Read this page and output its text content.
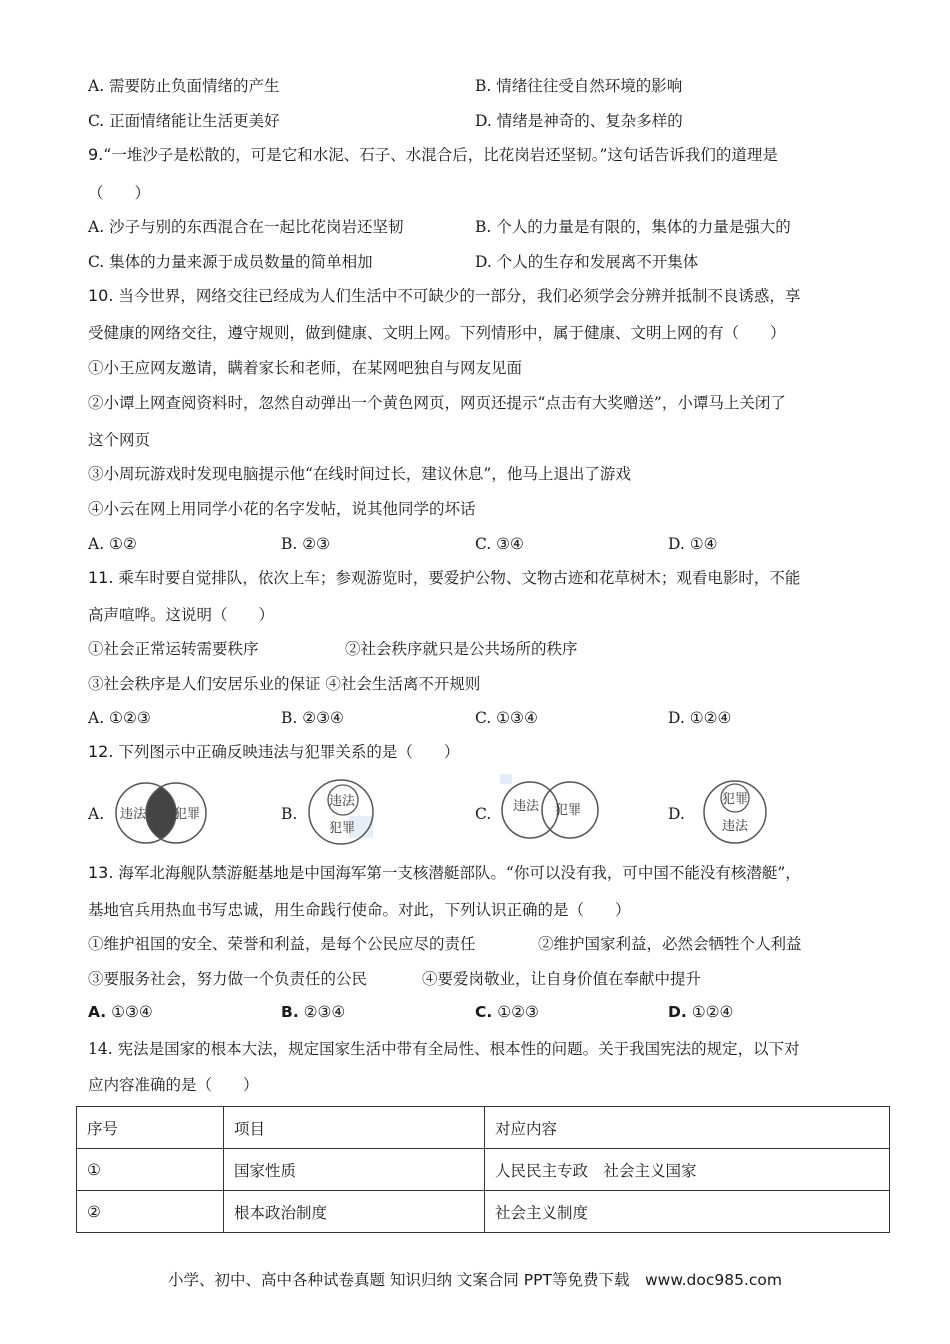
A. 需要防止负面情绪的产生	B. 情绪往往受自然环境的影响
C. 正面情绪能让生活更美好	D. 情绪是神奇的、复杂多样的
9.“一堆沙子是松散的，可是它和水泥、石子、水混合后，比花岗岩还坚韧。”这句话告诉我们的道理是
（　　）
A. 沙子与别的东西混合在一起比花岗岩还坚韧	B. 个人的力量是有限的，集体的力量是强大的
C. 集体的力量来源于成员数量的简单相加	D. 个人的生存和发展离不开集体
10. 当今世界，网络交往已经成为人们生活中不可缺少的一部分，我们必须学会分辨并抵制不良诱惑，享
受健康的网络交往，遵守规则，做到健康、文明上网。下列情形中，属于健康、文明上网的有（　　）
①小王应网友邀请，瞒着家长和老师，在某网吧独自与网友见面
②小谭上网查阅资料时，忽然自动弹出一个黄色网页，网页还提示“点击有大奖赠送”，小谭马上关闭了
这个网页
③小周玩游戏时发现电脑提示他“在线时间过长，建议休息”，他马上退出了游戏
④小云在网上用同学小花的名字发帖，说其他同学的坏话
A. ①②	B. ②③	C. ③④	D. ①④
11. 乘车时要自觉排队，依次上车；参观游览时，要爱护公物、文物古迹和花草树木；观看电影时，不能
高声喧哗。这说明（　　）
①社会正常运转需要秩序	②社会秩序就只是公共场所的秩序
③社会秩序是人们安居乐业的保证 ④社会生活离不开规则
A. ①②③	B. ②③④	C. ①③④	D. ①②④
12. 下列图示中正确反映违法与犯罪关系的是（　　）
A. 违法 犯罪	B.
违法
犯罪
C. 违法 犯罪	D.
犯罪
违法
13. 海军北海舰队禁游艇基地是中国海军第一支核潜艇部队。“你可以没有我，可中国不能没有核潜艇”，
基地官兵用热血书写忠诚，用生命践行使命。对此，下列认识正确的是（　　）
①维护祖国的安全、荣誉和利益，是每个公民应尽的责任	②维护国家利益，必然会牺牲个人利益
③要服务社会，努力做一个负责任的公民	④要爱岗敬业，让自身价值在奉献中提升
A. ①③④	B. ②③④	C. ①②③	D. ①②④
14. 宪法是国家的根本大法，规定国家生活中带有全局性、根本性的问题。关于我国宪法的规定，以下对
应内容准确的是（　　）
序号	项目	对应内容
①	国家性质	人民民主专政　社会主义国家
②	根本政治制度	社会主义制度
小学、初中、高中各种试卷真题 知识归纳 文案合同 PPT等免费下载　www.doc985.com
